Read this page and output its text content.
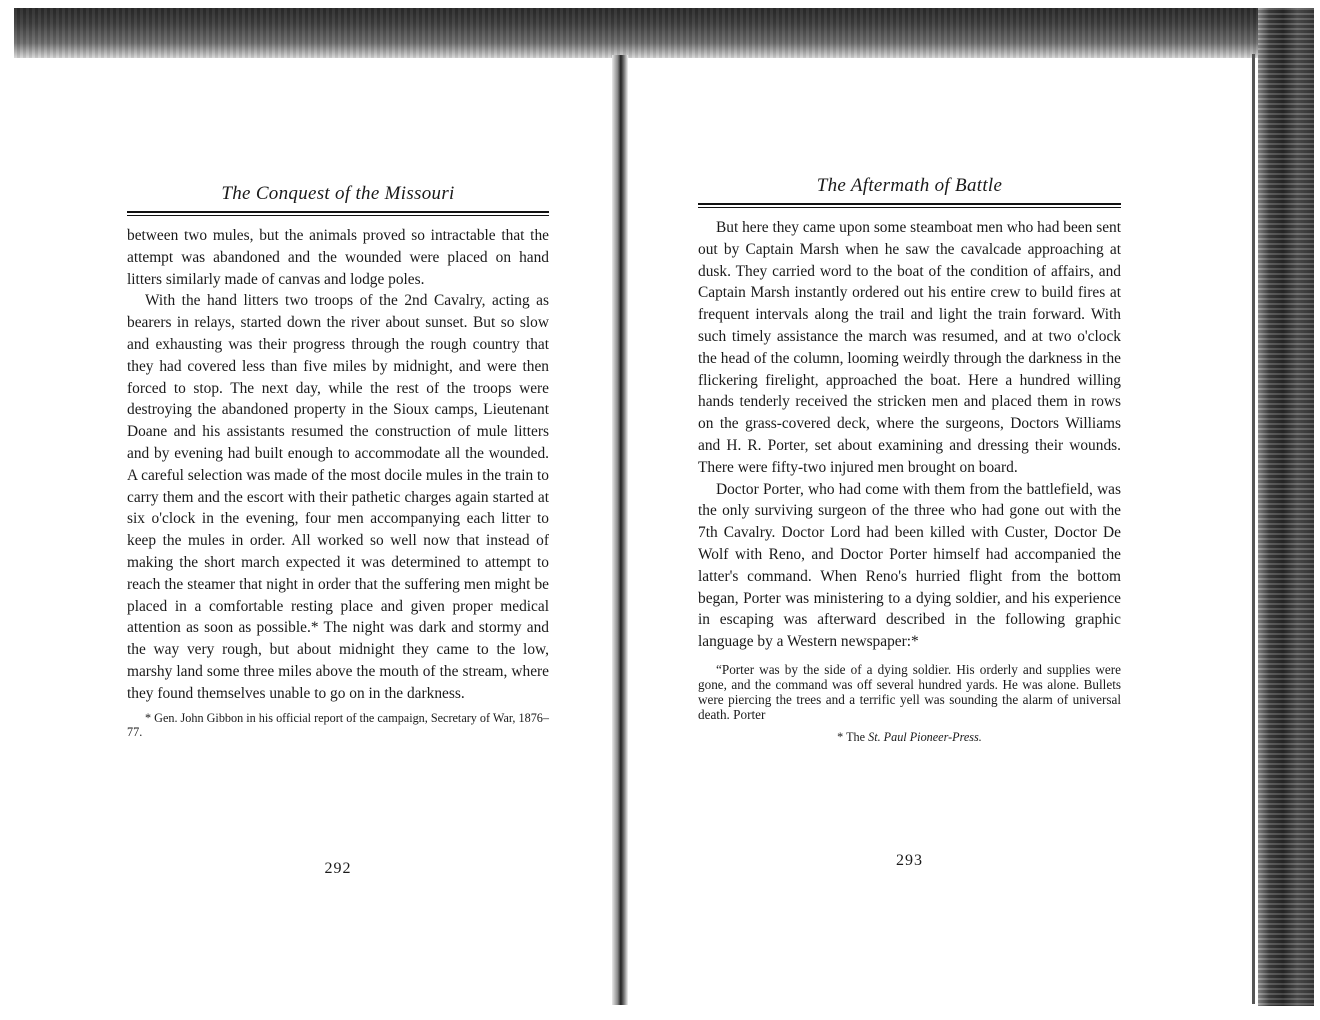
The Conquest of the Missouri

between two mules, but the animals proved so intractable that the attempt was abandoned and the wounded were placed on hand litters similarly made of canvas and lodge poles.

With the hand litters two troops of the 2nd Cavalry, acting as bearers in relays, started down the river about sunset. But so slow and exhausting was their progress through the rough country that they had covered less than five miles by midnight, and were then forced to stop. The next day, while the rest of the troops were destroying the abandoned property in the Sioux camps, Lieutenant Doane and his assistants resumed the construction of mule litters and by evening had built enough to accommodate all the wounded. A careful selection was made of the most docile mules in the train to carry them and the escort with their pathetic charges again started at six o'clock in the evening, four men accompanying each litter to keep the mules in order. All worked so well now that instead of making the short march expected it was determined to attempt to reach the steamer that night in order that the suffering men might be placed in a comfortable resting place and given proper medical attention as soon as possible.* The night was dark and stormy and the way very rough, but about midnight they came to the low, marshy land some three miles above the mouth of the stream, where they found themselves unable to go on in the darkness.

* Gen. John Gibbon in his official report of the campaign, Secretary of War, 1876–77.
292
The Aftermath of Battle

But here they came upon some steamboat men who had been sent out by Captain Marsh when he saw the cavalcade approaching at dusk. They carried word to the boat of the condition of affairs, and Captain Marsh instantly ordered out his entire crew to build fires at frequent intervals along the trail and light the train forward. With such timely assistance the march was resumed, and at two o'clock the head of the column, looming weirdly through the darkness in the flickering firelight, approached the boat. Here a hundred willing hands tenderly received the stricken men and placed them in rows on the grass-covered deck, where the surgeons, Doctors Williams and H. R. Porter, set about examining and dressing their wounds. There were fifty-two injured men brought on board.

Doctor Porter, who had come with them from the battlefield, was the only surviving surgeon of the three who had gone out with the 7th Cavalry. Doctor Lord had been killed with Custer, Doctor De Wolf with Reno, and Doctor Porter himself had accompanied the latter's command. When Reno's hurried flight from the bottom began, Porter was ministering to a dying soldier, and his experience in escaping was afterward described in the following graphic language by a Western newspaper:*

“Porter was by the side of a dying soldier. His orderly and supplies were gone, and the command was off several hundred yards. He was alone. Bullets were piercing the trees and a terrific yell was sounding the alarm of universal death. Porter
* The St. Paul Pioneer-Press.
293
